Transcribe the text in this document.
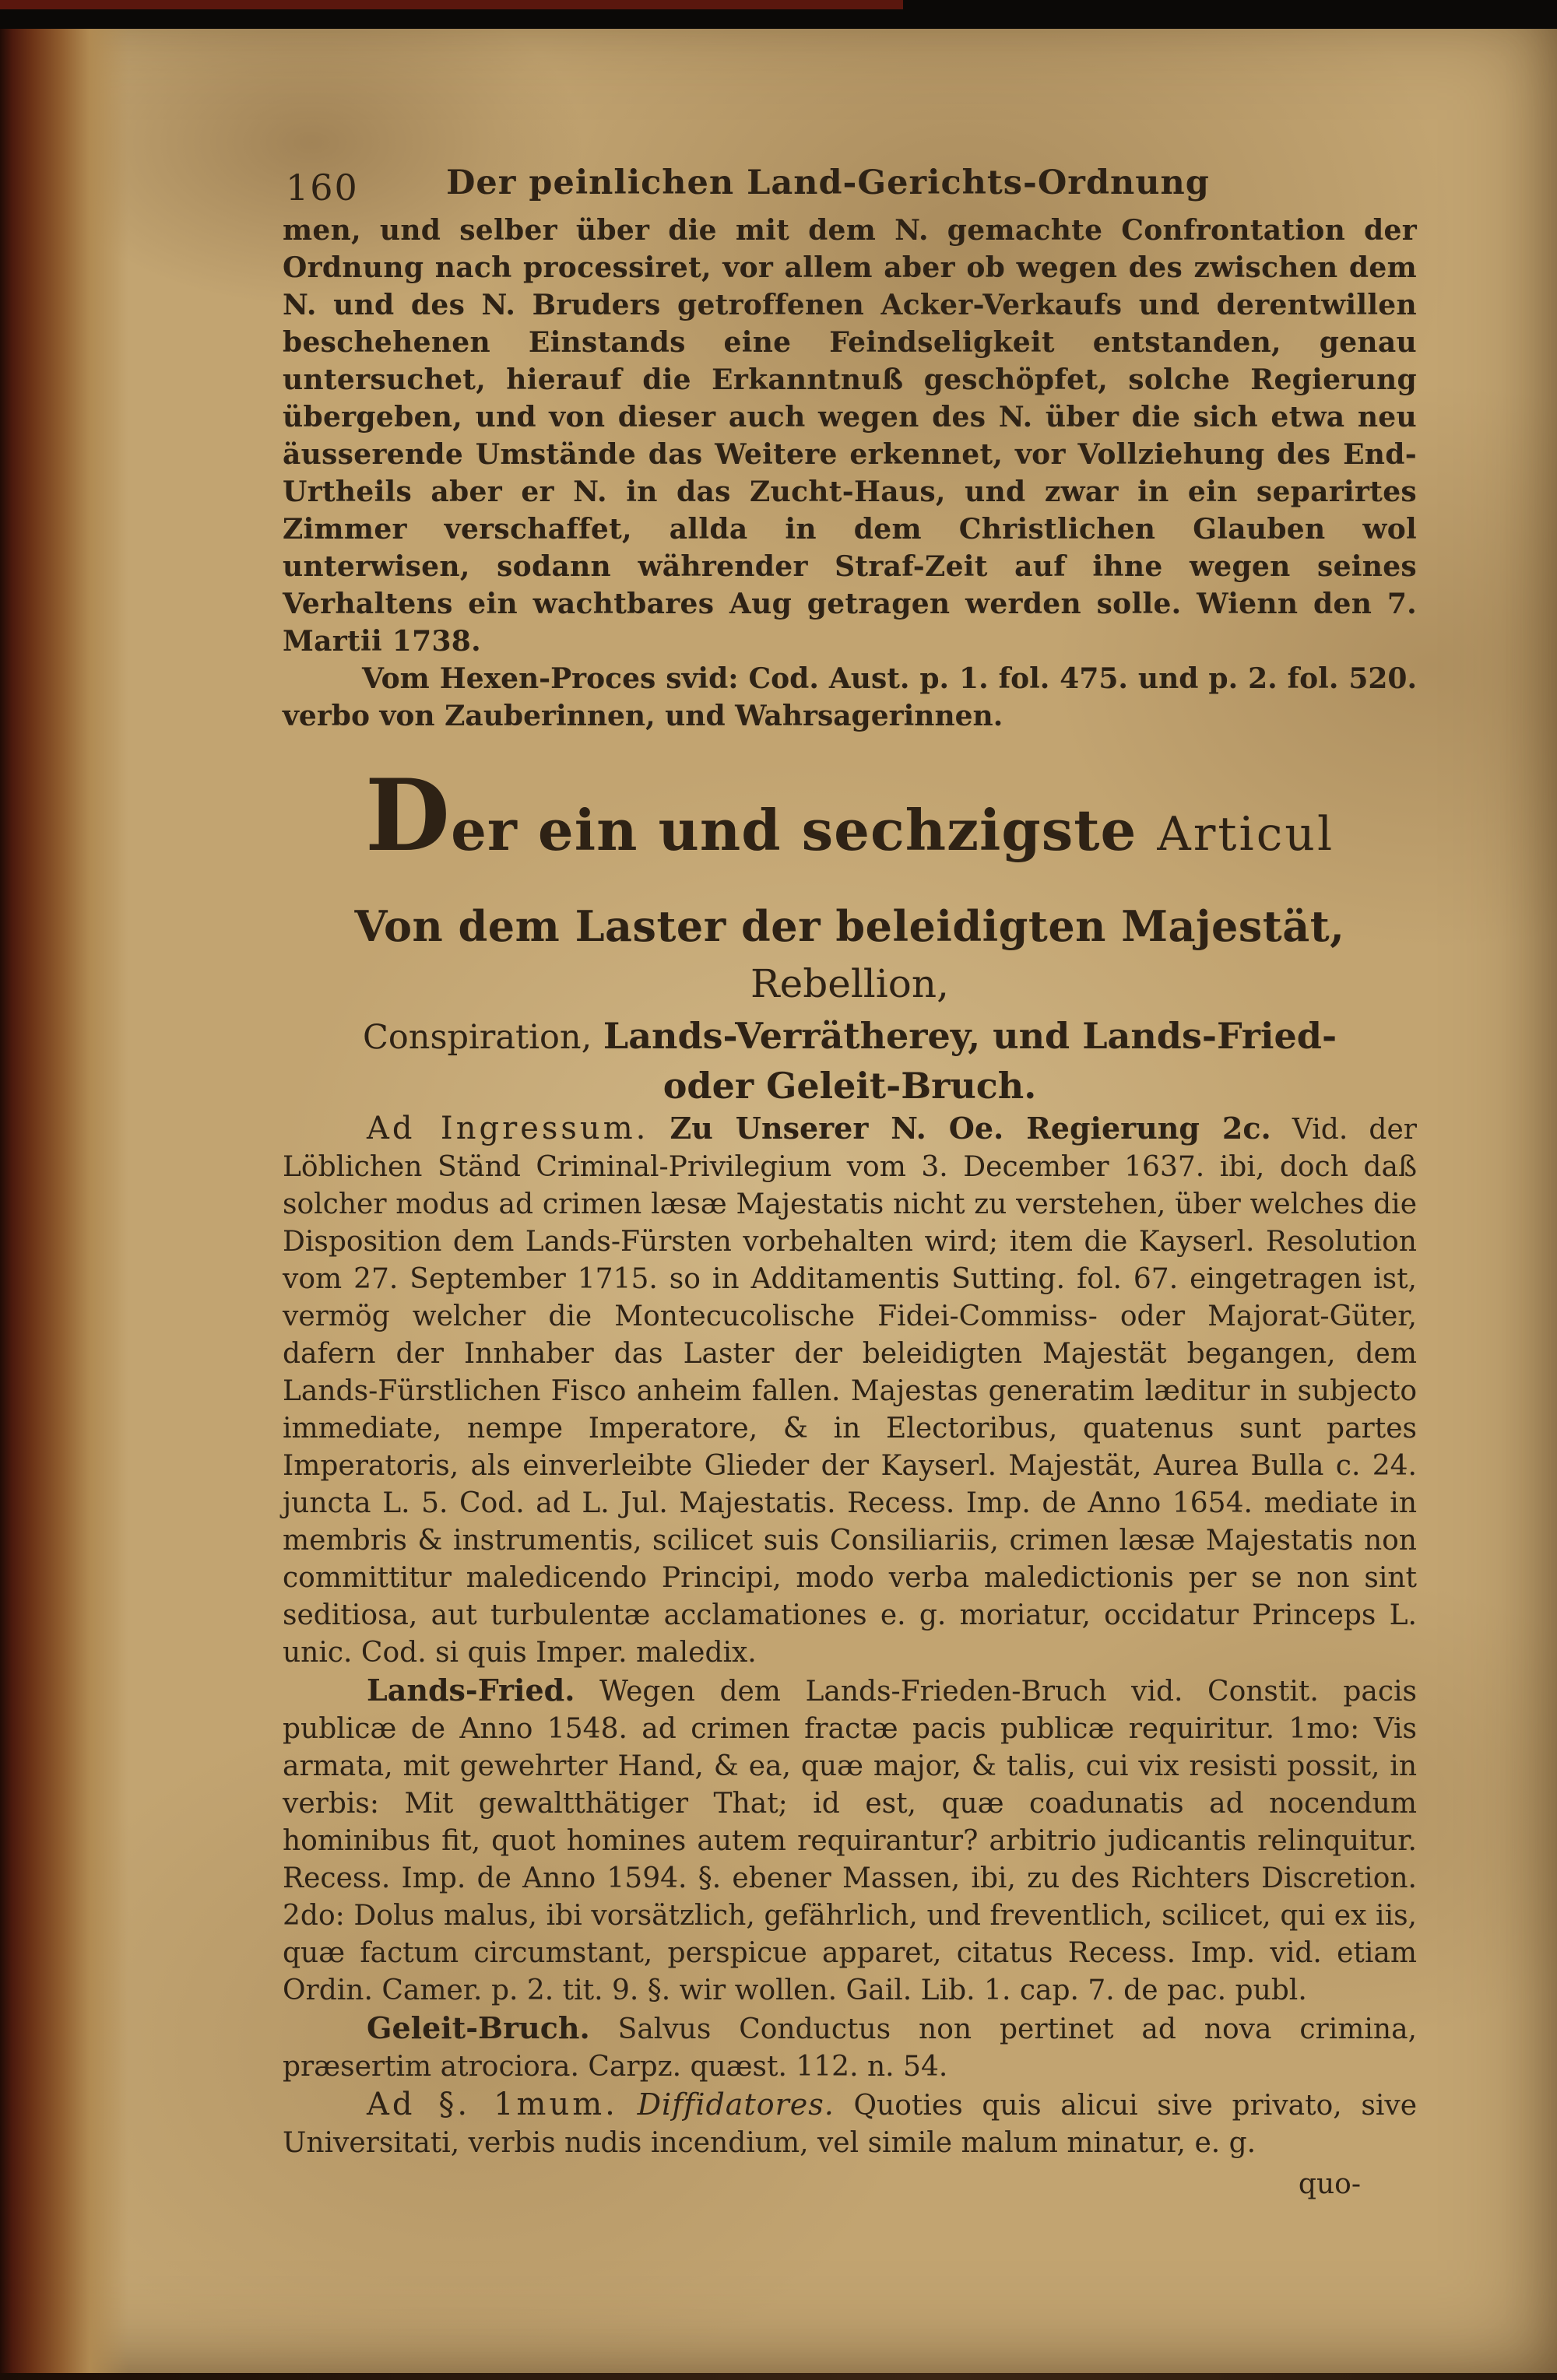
160	Der peinlichen Land-Gerichts-Ordnung

men, und selber über die mit dem N. gemachte Confrontation der Ordnung nach processiret, vor allem aber ob wegen des zwischen dem N. und des N. Bruders getroffenen Acker-Verkaufs und derentwillen beschehenen Einstands eine Feindseligkeit entstanden, genau untersuchet, hierauf die Erkanntnuß geschöpfet, solche Regierung übergeben, und von dieser auch wegen des N. über die sich etwa neu äusserende Umstände das Weitere erkennet, vor Vollziehung des End-Urtheils aber er N. in das Zucht-Haus, und zwar in ein separirtes Zimmer verschaffet, allda in dem Christlichen Glauben wol unterwisen, sodann währender Straf-Zeit auf ihne wegen seines Verhaltens ein wachtbares Aug getragen werden solle. Wienn den 7. Martii 1738.

Vom Hexen-Proces svid: Cod. Aust. p. 1. fol. 475. und p. 2. fol. 520. verbo von Zauberinnen, und Wahrsagerinnen.

Der ein und sechzigste Articul
Von dem Laster der beleidigten Majestät, Rebellion,
Conspiration, Lands-Verrätherey, und Lands-Fried-
oder Geleit-Bruch.

Ad Ingressum. Zu Unserer N. Oe. Regierung 2c. Vid. der Löblichen Ständ Criminal-Privilegium vom 3. December 1637. ibi, doch daß solcher modus ad crimen læsæ Majestatis nicht zu verstehen, über welches die Disposition dem Lands-Fürsten vorbehalten wird; item die Kayserl. Resolution vom 27. September 1715. so in Additamentis Sutting. fol. 67. eingetragen ist, vermög welcher die Montecucolische Fidei-Commiss- oder Majorat-Güter, dafern der Innhaber das Laster der beleidigten Majestät begangen, dem Lands-Fürstlichen Fisco anheim fallen. Majestas generatim læditur in subjecto immediate, nempe Imperatore, & in Electoribus, quatenus sunt partes Imperatoris, als einverleibte Glieder der Kayserl. Majestät, Aurea Bulla c. 24. juncta L. 5. Cod. ad L. Jul. Majestatis. Recess. Imp. de Anno 1654. mediate in membris & instrumentis, scilicet suis Consiliariis, crimen læsæ Majestatis non committitur maledicendo Principi, modo verba maledictionis per se non sint seditiosa, aut turbulentæ acclamationes e. g. moriatur, occidatur Princeps L. unic. Cod. si quis Imper. maledix.

Lands-Fried. Wegen dem Lands-Frieden-Bruch vid. Constit. pacis publicæ de Anno 1548. ad crimen fractæ pacis publicæ requiritur. 1mo: Vis armata, mit gewehrter Hand, & ea, quæ major, & talis, cui vix resisti possit, in verbis: Mit gewaltthätiger That; id est, quæ coadunatis ad nocendum hominibus fit, quot homines autem requirantur? arbitrio judicantis relinquitur. Recess. Imp. de Anno 1594. §. ebener Massen, ibi, zu des Richters Discretion. 2do: Dolus malus, ibi vorsätzlich, gefährlich, und freventlich, scilicet, qui ex iis, quæ factum circumstant, perspicue apparet, citatus Recess. Imp. vid. etiam Ordin. Camer. p. 2. tit. 9. §. wir wollen. Gail. Lib. 1. cap. 7. de pac. publ.

Geleit-Bruch. Salvus Conductus non pertinet ad nova crimina, præsertim atrociora. Carpz. quæst. 112. n. 54.

Ad §. 1mum. Diffidatores. Quoties quis alicui sive privato, sive Universitati, verbis nudis incendium, vel simile malum minatur, e. g.

quo-
